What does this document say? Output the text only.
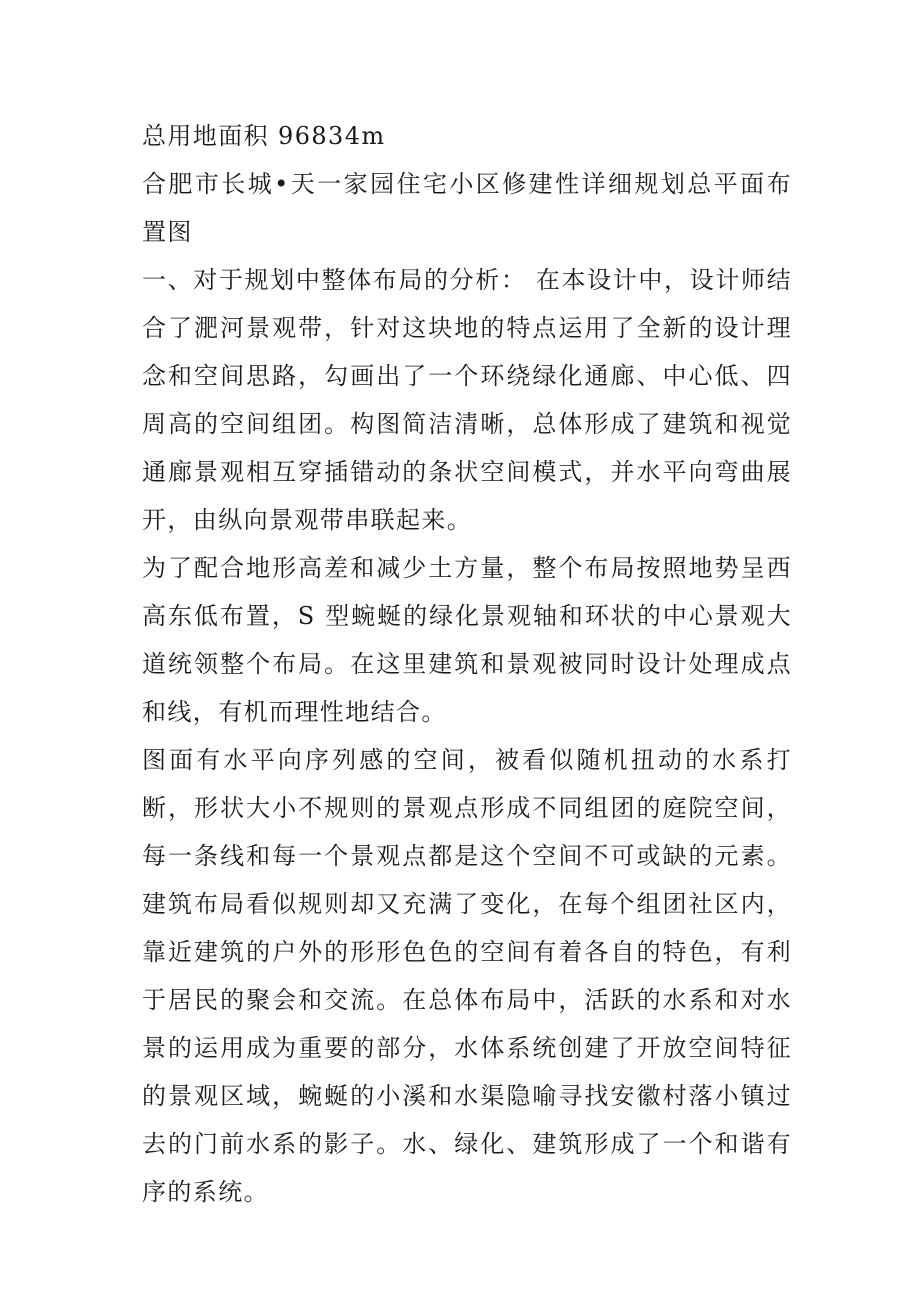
总用地面积 96834m

合肥市长城•天一家园住宅小区修建性详细规划总平面布置图

一、对于规划中整体布局的分析： 在本设计中，设计师结合了淝河景观带，针对这块地的特点运用了全新的设计理念和空间思路，勾画出了一个环绕绿化通廊、中心低、四周高的空间组团。构图简洁清晰，总体形成了建筑和视觉通廊景观相互穿插错动的条状空间模式，并水平向弯曲展开，由纵向景观带串联起来。

为了配合地形高差和减少土方量，整个布局按照地势呈西高东低布置，S 型蜿蜒的绿化景观轴和环状的中心景观大道统领整个布局。在这里建筑和景观被同时设计处理成点和线，有机而理性地结合。

图面有水平向序列感的空间，被看似随机扭动的水系打断，形状大小不规则的景观点形成不同组团的庭院空间，每一条线和每一个景观点都是这个空间不可或缺的元素。建筑布局看似规则却又充满了变化，在每个组团社区内，靠近建筑的户外的形形色色的空间有着各自的特色，有利于居民的聚会和交流。在总体布局中，活跃的水系和对水景的运用成为重要的部分，水体系统创建了开放空间特征的景观区域，蜿蜒的小溪和水渠隐喻寻找安徽村落小镇过去的门前水系的影子。水、绿化、建筑形成了一个和谐有序的系统。
